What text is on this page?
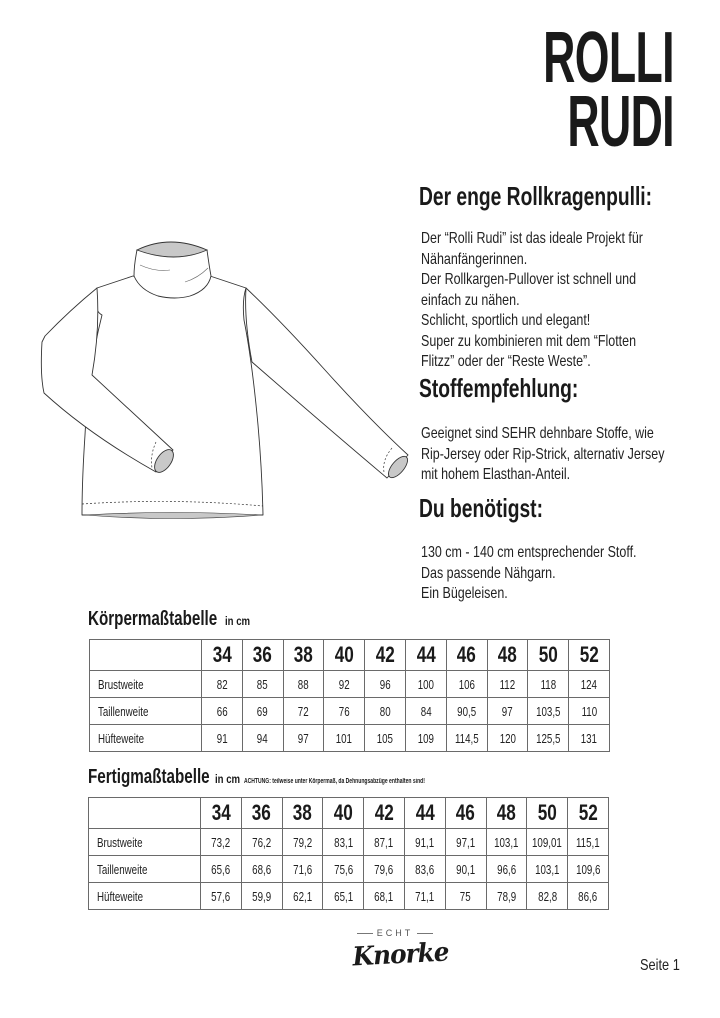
ROLLI
RUDI
Der enge Rollkragenpulli:
Der “Rolli Rudi” ist das ideale Projekt für
Nähanfängerinnen.
Der Rollkargen-Pullover ist schnell und
einfach zu nähen.
Schlicht, sportlich und elegant!
Super zu kombinieren mit dem “Flotten
Flitzz” oder der “Reste Weste”.
Stoffempfehlung:
Geeignet sind SEHR dehnbare Stoffe, wie
Rip-Jersey oder Rip-Strick, alternativ Jersey
mit hohem Elasthan-Anteil.
Du benötigst:
130 cm - 140 cm entsprechender Stoff.
Das passende Nähgarn.
Ein Bügeleisen.
Körpermaßtabelle in cm
	34	36	38	40	42	44	46	48	50	52
Brustweite	82	85	88	92	96	100	106	112	118	124
Taillenweite	66	69	72	76	80	84	90,5	97	103,5	110
Hüfteweite	91	94	97	101	105	109	114,5	120	125,5	131
Fertigmaßtabelle in cm ACHTUNG: teilweise unter Körpermaß, da Dehnungsabzüge enthalten sind!
	34	36	38	40	42	44	46	48	50	52
Brustweite	73,2	76,2	79,2	83,1	87,1	91,1	97,1	103,1	109,01	115,1
Taillenweite	65,6	68,6	71,6	75,6	79,6	83,6	90,1	96,6	103,1	109,6
Hüfteweite	57,6	59,9	62,1	65,1	68,1	71,1	75	78,9	82,8	86,6
ECHT
Knorke	Seite 1
